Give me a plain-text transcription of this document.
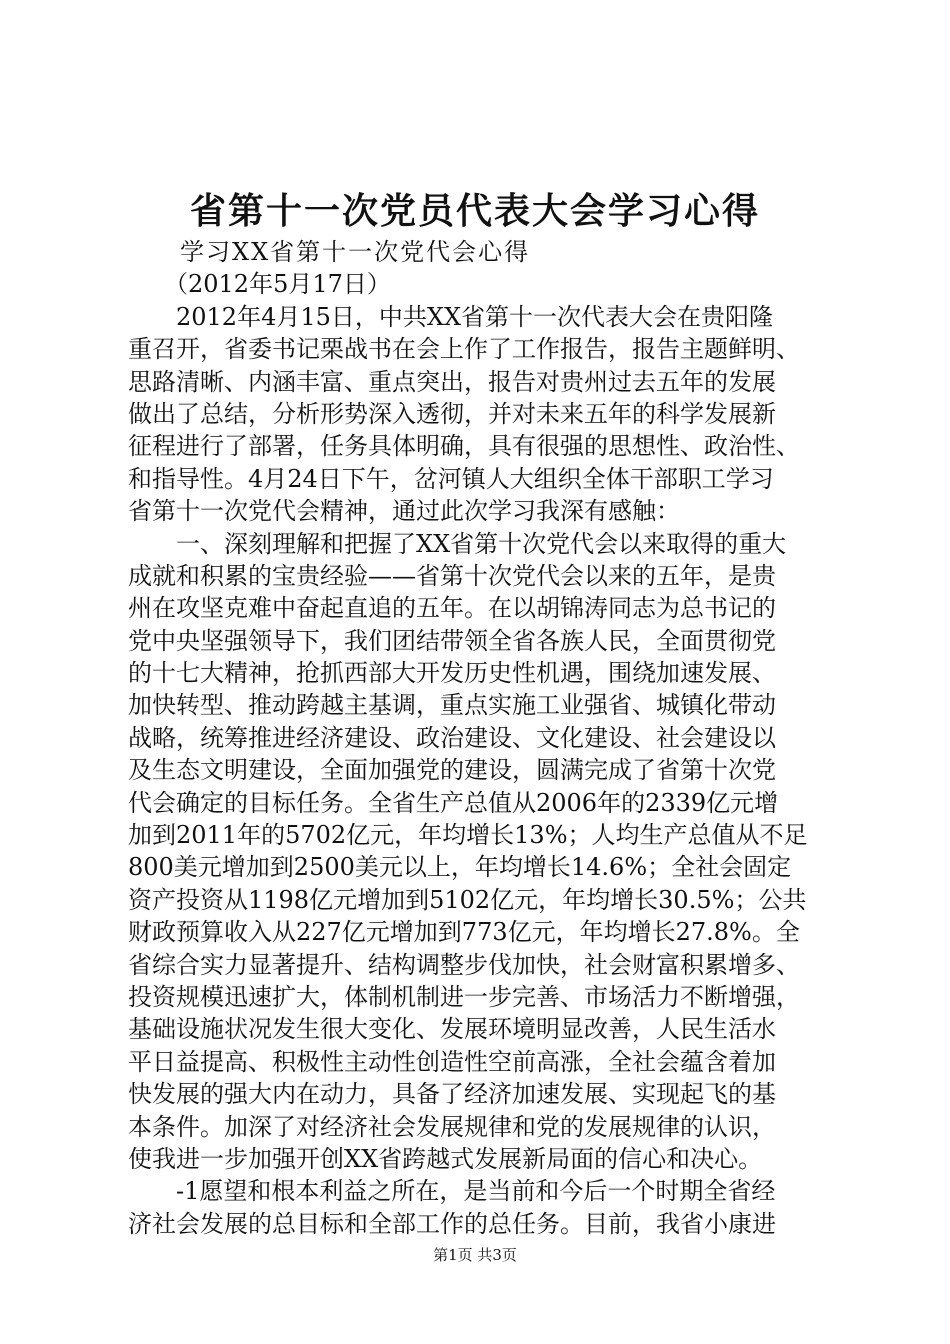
省第十一次党员代表大会学习心得
　　学习XX省第十一次党代会心得
　　（2012年5月17日）
　　2012年4月15日，中共XX省第十一次代表大会在贵阳隆
重召开，省委书记栗战书在会上作了工作报告，报告主题鲜明、
思路清晰、内涵丰富、重点突出，报告对贵州过去五年的发展
做出了总结，分析形势深入透彻，并对未来五年的科学发展新
征程进行了部署，任务具体明确，具有很强的思想性、政治性、
和指导性。4月24日下午，岔河镇人大组织全体干部职工学习
省第十一次党代会精神，通过此次学习我深有感触：
　　一、深刻理解和把握了XX省第十次党代会以来取得的重大
成就和积累的宝贵经验——省第十次党代会以来的五年，是贵
州在攻坚克难中奋起直追的五年。在以胡锦涛同志为总书记的
党中央坚强领导下，我们团结带领全省各族人民，全面贯彻党
的十七大精神，抢抓西部大开发历史性机遇，围绕加速发展、
加快转型、推动跨越主基调，重点实施工业强省、城镇化带动
战略，统筹推进经济建设、政治建设、文化建设、社会建设以
及生态文明建设，全面加强党的建设，圆满完成了省第十次党
代会确定的目标任务。全省生产总值从2006年的2339亿元增
加到2011年的5702亿元，年均增长13%；人均生产总值从不足
800美元增加到2500美元以上，年均增长14.6%；全社会固定
资产投资从1198亿元增加到5102亿元，年均增长30.5%；公共
财政预算收入从227亿元增加到773亿元，年均增长27.8%。全
省综合实力显著提升、结构调整步伐加快，社会财富积累增多、
投资规模迅速扩大，体制机制进一步完善、市场活力不断增强，
基础设施状况发生很大变化、发展环境明显改善，人民生活水
平日益提高、积极性主动性创造性空前高涨，全社会蕴含着加
快发展的强大内在动力，具备了经济加速发展、实现起飞的基
本条件。加深了对经济社会发展规律和党的发展规律的认识，
使我进一步加强开创XX省跨越式发展新局面的信心和决心。
　　-1愿望和根本利益之所在，是当前和今后一个时期全省经
济社会发展的总目标和全部工作的总任务。目前，我省小康进
第1页 共3页
